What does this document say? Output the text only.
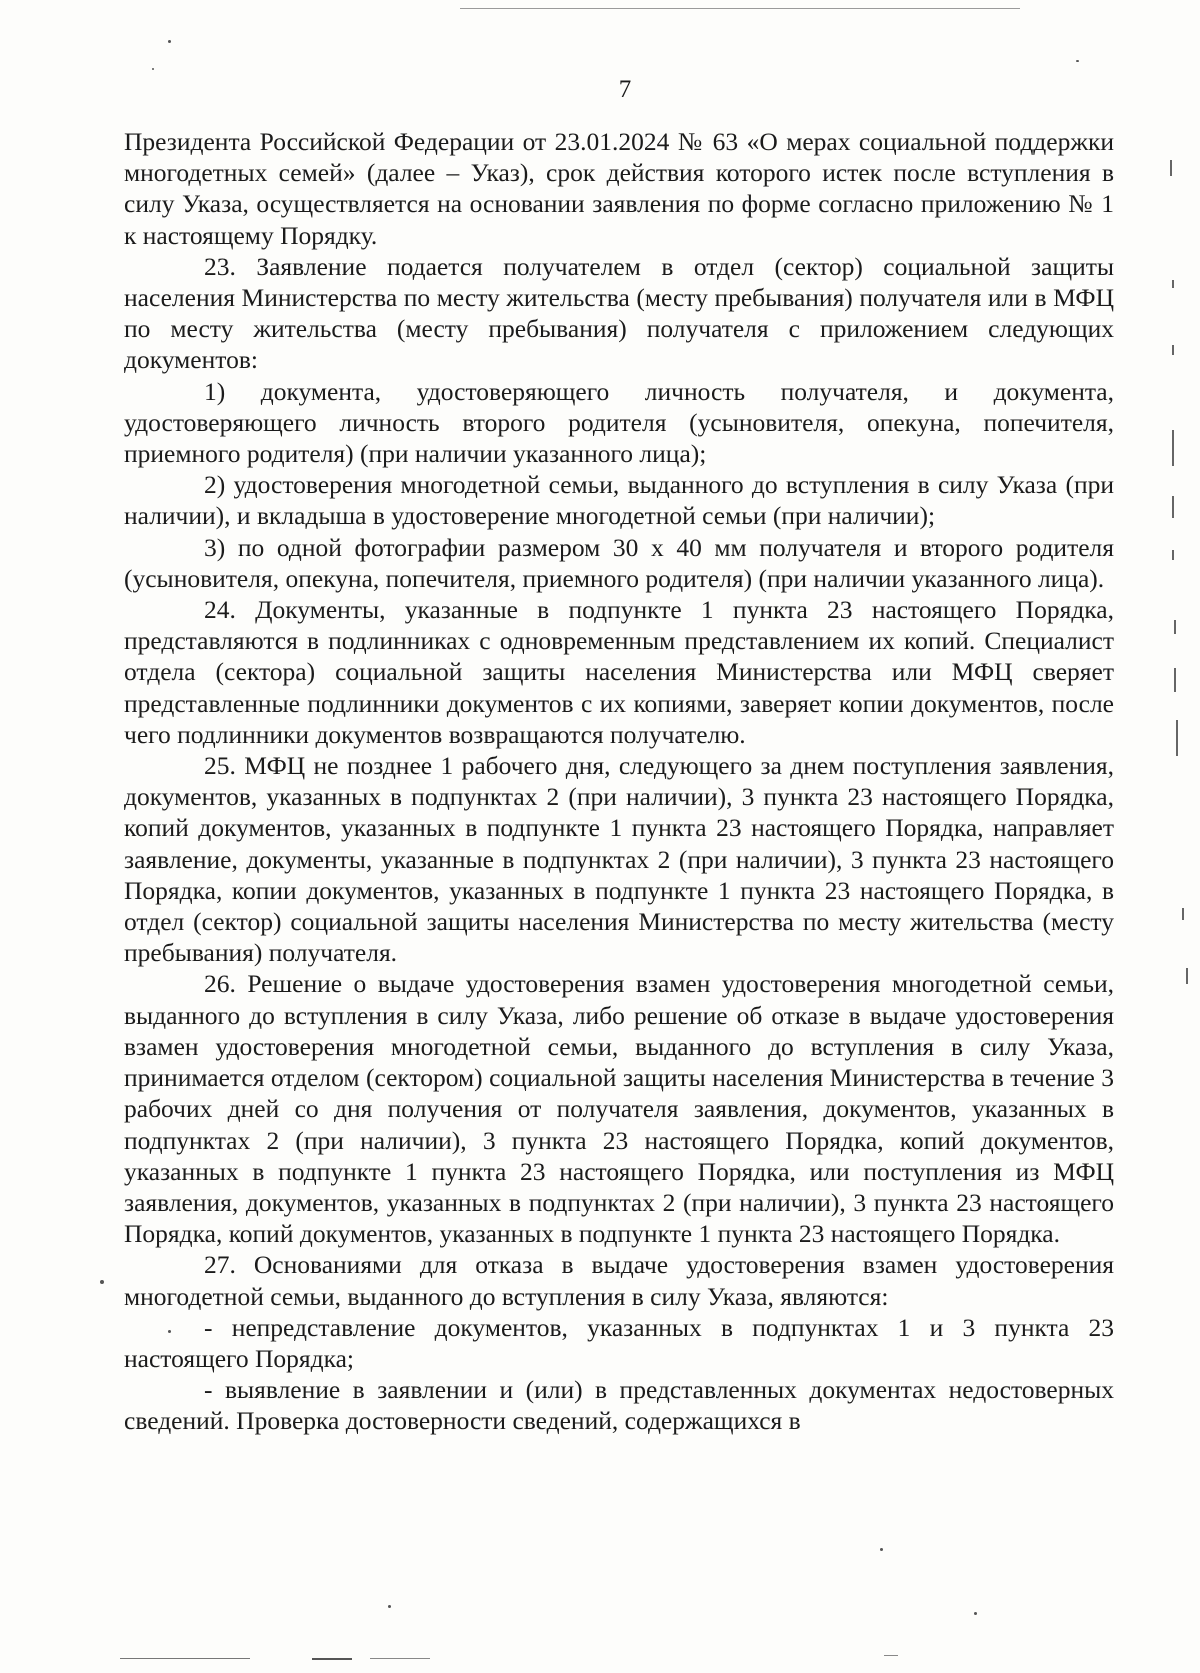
7

Президента Российской Федерации от 23.01.2024 № 63 «О мерах социальной поддержки многодетных семей» (далее – Указ), срок действия которого истек после вступления в силу Указа, осуществляется на основании заявления по форме согласно приложению № 1 к настоящему Порядку.

23. Заявление подается получателем в отдел (сектор) социальной защиты населения Министерства по месту жительства (месту пребывания) получателя или в МФЦ по месту жительства (месту пребывания) получателя с приложением следующих документов:

1) документа, удостоверяющего личность получателя, и документа, удостоверяющего личность второго родителя (усыновителя, опекуна, попечителя, приемного родителя) (при наличии указанного лица);

2) удостоверения многодетной семьи, выданного до вступления в силу Указа (при наличии), и вкладыша в удостоверение многодетной семьи (при наличии);

3) по одной фотографии размером 30 х 40 мм получателя и второго родителя (усыновителя, опекуна, попечителя, приемного родителя) (при наличии указанного лица).

24. Документы, указанные в подпункте 1 пункта 23 настоящего Порядка, представляются в подлинниках с одновременным представлением их копий. Специалист отдела (сектора) социальной защиты населения Министерства или МФЦ сверяет представленные подлинники документов с их копиями, заверяет копии документов, после чего подлинники документов возвращаются получателю.

25. МФЦ не позднее 1 рабочего дня, следующего за днем поступления заявления, документов, указанных в подпунктах 2 (при наличии), 3 пункта 23 настоящего Порядка, копий документов, указанных в подпункте 1 пункта 23 настоящего Порядка, направляет заявление, документы, указанные в подпунктах 2 (при наличии), 3 пункта 23 настоящего Порядка, копии документов, указанных в подпункте 1 пункта 23 настоящего Порядка, в отдел (сектор) социальной защиты населения Министерства по месту жительства (месту пребывания) получателя.

26. Решение о выдаче удостоверения взамен удостоверения многодетной семьи, выданного до вступления в силу Указа, либо решение об отказе в выдаче удостоверения взамен удостоверения многодетной семьи, выданного до вступления в силу Указа, принимается отделом (сектором) социальной защиты населения Министерства в течение 3 рабочих дней со дня получения от получателя заявления, документов, указанных в подпунктах 2 (при наличии), 3 пункта 23 настоящего Порядка, копий документов, указанных в подпункте 1 пункта 23 настоящего Порядка, или поступления из МФЦ заявления, документов, указанных в подпунктах 2 (при наличии), 3 пункта 23 настоящего Порядка, копий документов, указанных в подпункте 1 пункта 23 настоящего Порядка.

27. Основаниями для отказа в выдаче удостоверения взамен удостоверения многодетной семьи, выданного до вступления в силу Указа, являются:

- непредставление документов, указанных в подпунктах 1 и 3 пункта 23 настоящего Порядка;

- выявление в заявлении и (или) в представленных документах недостоверных сведений. Проверка достоверности сведений, содержащихся в
